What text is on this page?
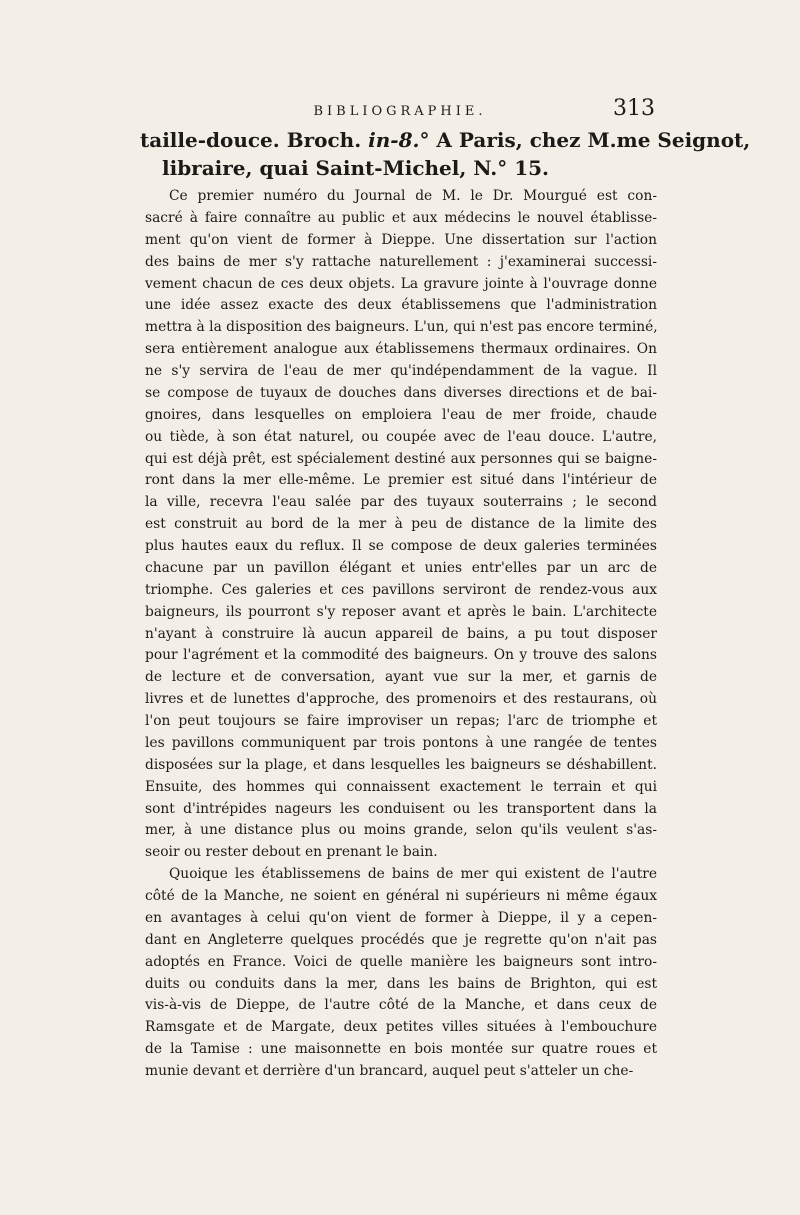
BIBLIOGRAPHIE.	313
taille-douce. Broch. in-8.° A Paris, chez M.me Seignot,
libraire, quai Saint-Michel, N.° 15.
Ce premier numéro du Journal de M. le Dr. Mourgué est con-
sacré à faire connaître au public et aux médecins le nouvel établisse-
ment qu'on vient de former à Dieppe. Une dissertation sur l'action
des bains de mer s'y rattache naturellement : j'examinerai successi-
vement chacun de ces deux objets. La gravure jointe à l'ouvrage donne
une idée assez exacte des deux établissemens que l'administration
mettra à la disposition des baigneurs. L'un, qui n'est pas encore terminé,
sera entièrement analogue aux établissemens thermaux ordinaires. On
ne s'y servira de l'eau de mer qu'indépendamment de la vague. Il
se compose de tuyaux de douches dans diverses directions et de bai-
gnoires, dans lesquelles on emploiera l'eau de mer froide, chaude
ou tiède, à son état naturel, ou coupée avec de l'eau douce. L'autre,
qui est déjà prêt, est spécialement destiné aux personnes qui se baigne-
ront dans la mer elle-même. Le premier est situé dans l'intérieur de
la ville, recevra l'eau salée par des tuyaux souterrains ; le second
est construit au bord de la mer à peu de distance de la limite des
plus hautes eaux du reflux. Il se compose de deux galeries terminées
chacune par un pavillon élégant et unies entr'elles par un arc de
triomphe. Ces galeries et ces pavillons serviront de rendez-vous aux
baigneurs, ils pourront s'y reposer avant et après le bain. L'architecte
n'ayant à construire là aucun appareil de bains, a pu tout disposer
pour l'agrément et la commodité des baigneurs. On y trouve des salons
de lecture et de conversation, ayant vue sur la mer, et garnis de
livres et de lunettes d'approche, des promenoirs et des restaurans, où
l'on peut toujours se faire improviser un repas; l'arc de triomphe et
les pavillons communiquent par trois pontons à une rangée de tentes
disposées sur la plage, et dans lesquelles les baigneurs se déshabillent.
Ensuite, des hommes qui connaissent exactement le terrain et qui
sont d'intrépides nageurs les conduisent ou les transportent dans la
mer, à une distance plus ou moins grande, selon qu'ils veulent s'as-
seoir ou rester debout en prenant le bain.
Quoique les établissemens de bains de mer qui existent de l'autre
côté de la Manche, ne soient en général ni supérieurs ni même égaux
en avantages à celui qu'on vient de former à Dieppe, il y a cepen-
dant en Angleterre quelques procédés que je regrette qu'on n'ait pas
adoptés en France. Voici de quelle manière les baigneurs sont intro-
duits ou conduits dans la mer, dans les bains de Brighton, qui est
vis-à-vis de Dieppe, de l'autre côté de la Manche, et dans ceux de
Ramsgate et de Margate, deux petites villes situées à l'embouchure
de la Tamise : une maisonnette en bois montée sur quatre roues et
munie devant et derrière d'un brancard, auquel peut s'atteler un che-
